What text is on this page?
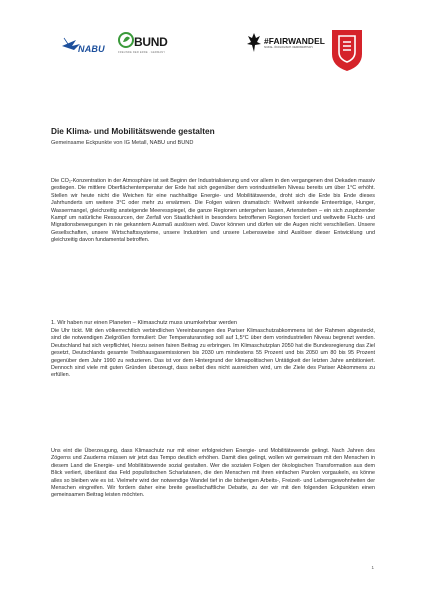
NABU BUND
FREUNDE DER ERDE · GERMANY
#FAIRWANDEL
SOZIAL. ÖKOLOGISCH. DEMOKRATISCH.
Die Klima- und Mobilitätswende gestalten

Gemeinsame Eckpunkte von IG Metall, NABU und BUND

Die CO₂-Konzentration in der Atmosphäre ist seit Beginn der Industrialisierung und vor allem in den vergangenen drei Dekaden massiv gestiegen. Die mittlere Oberflächentemperatur der Erde hat sich gegenüber dem vorindustriellen Niveau bereits um über 1°C erhöht. Stellen wir heute nicht die Weichen für eine nachhaltige Energie- und Mobilitätswende, droht sich die Erde bis Ende dieses Jahrhunderts um weitere 3°C oder mehr zu erwärmen. Die Folgen wären dramatisch: Weltweit sinkende Ernteerträge, Hunger, Wassermangel, gleichzeitig ansteigende Meeresspiegel, die ganze Regionen untergehen lassen, Artensterben – ein sich zuspitzender Kampf um natürliche Ressourcen, der Zerfall von Staatlichkeit in besonders betroffenen Regionen forciert und weltweite Flucht- und Migrationsbewegungen in nie gekanntem Ausmaß auslösen wird. Davor können und dürfen wir die Augen nicht verschließen. Unsere Gesellschaften, unsere Wirtschaftssysteme, unsere Industrien und unsere Lebensweise sind Auslöser dieser Entwicklung und gleichzeitig davon fundamental betroffen.

1. Wir haben nur einen Planeten – Klimaschutz muss unumkehrbar werden

Die Uhr tickt. Mit den völkerrechtlich verbindlichen Vereinbarungen des Pariser Klimaschutzabkommens ist der Rahmen abgesteckt, sind die notwendigen Zielgrößen formuliert: Der Temperaturanstieg soll auf 1,5°C über dem vorindustriellen Niveau begrenzt werden. Deutschland hat sich verpflichtet, hierzu seinen fairen Beitrag zu erbringen. Im Klimaschutzplan 2050 hat die Bundesregierung das Ziel gesetzt, Deutschlands gesamte Treibhausgasemissionen bis 2030 um mindestens 55 Prozent und bis 2050 um 80 bis 95 Prozent gegenüber dem Jahr 1990 zu reduzieren. Das ist vor dem Hintergrund der klimapolitischen Untätigkeit der letzten Jahre ambitioniert. Dennoch sind viele mit guten Gründen überzeugt, dass selbst dies nicht ausreichen wird, um die Ziele des Pariser Abkommens zu erfüllen.

Uns eint die Überzeugung, dass Klimaschutz nur mit einer erfolgreichen Energie- und Mobilitätswende gelingt. Nach Jahren des Zögerns und Zauderns müssen wir jetzt das Tempo deutlich erhöhen. Damit dies gelingt, wollen wir gemeinsam mit den Menschen in diesem Land die Energie- und Mobilitätswende sozial gestalten. Wer die sozialen Folgen der ökologischen Transformation aus dem Blick verliert, überlässt das Feld populistischen Scharlatanen, die den Menschen mit ihren einfachen Parolen vorgaukeln, es könne alles so bleiben wie es ist. Vielmehr wird der notwendige Wandel tief in die bisherigen Arbeits-, Freizeit- und Lebensgewohnheiten der Menschen eingreifen. Wir fordern daher eine breite gesellschaftliche Debatte, zu der wir mit den folgenden Eckpunkten einen gemeinsamen Beitrag leisten möchten.

1
